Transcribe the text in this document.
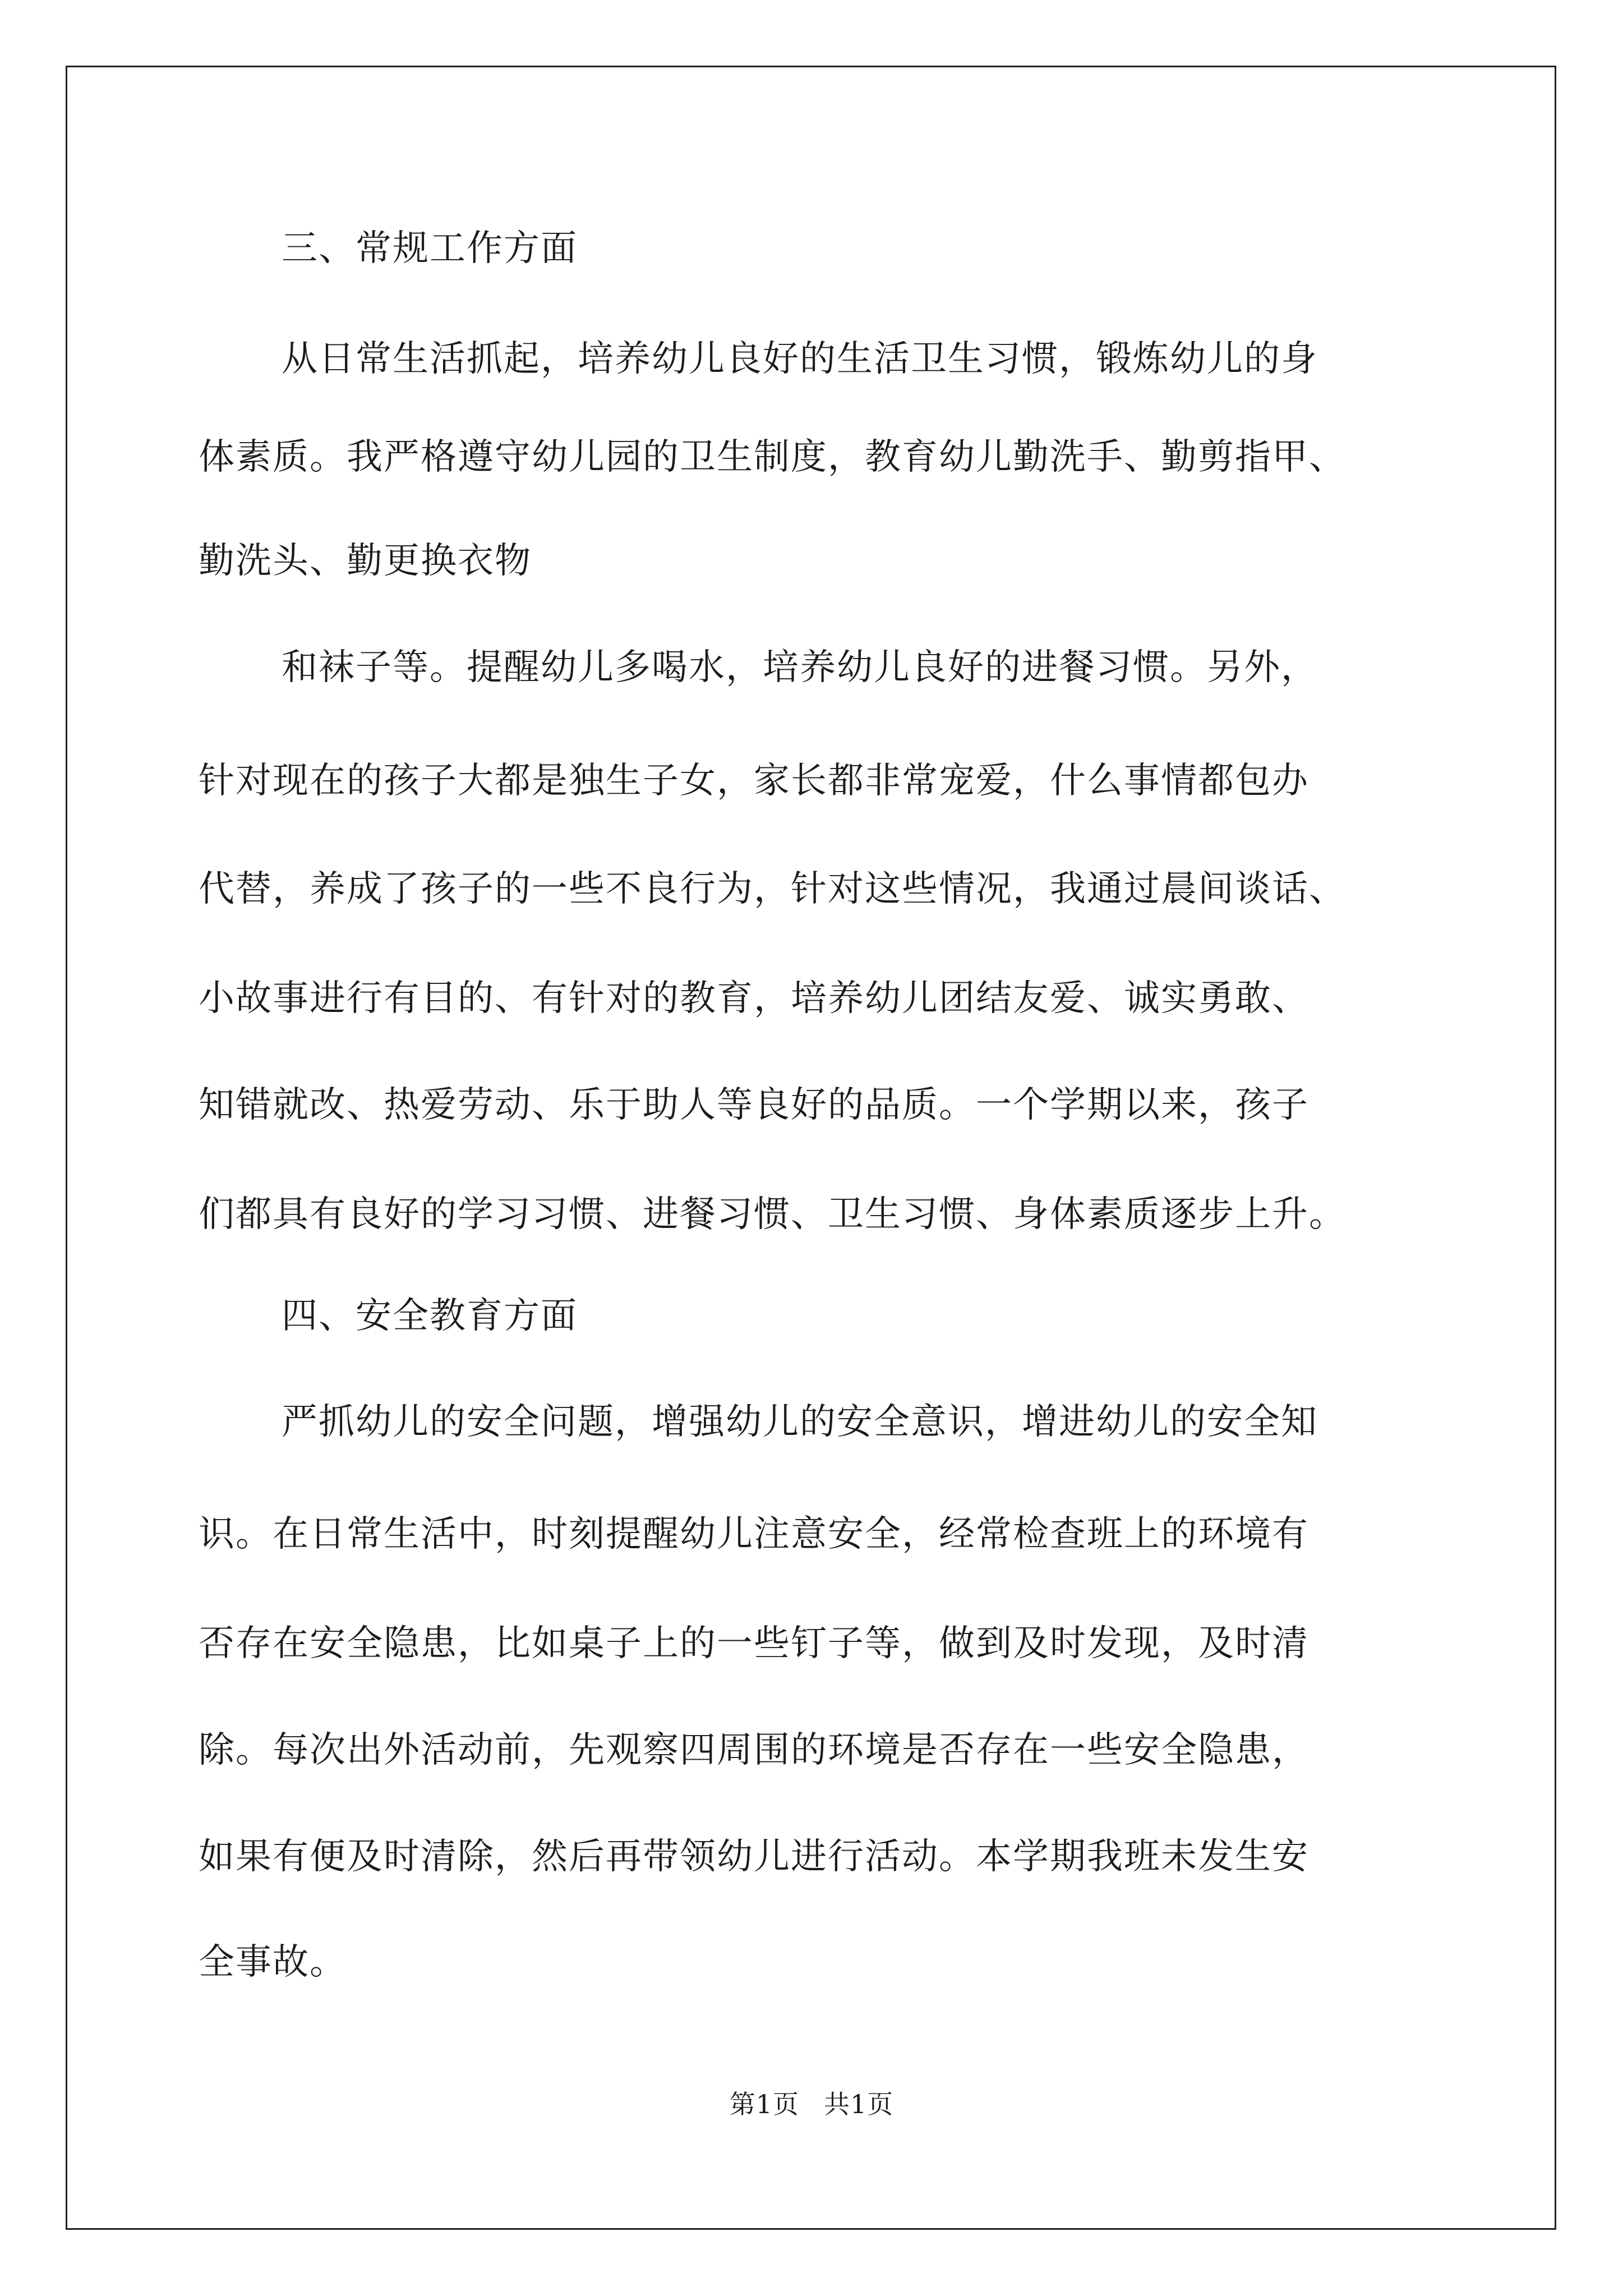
三、常规工作方面
从日常生活抓起，培养幼儿良好的生活卫生习惯，锻炼幼儿的身
体素质。我严格遵守幼儿园的卫生制度，教育幼儿勤洗手、勤剪指甲、
勤洗头、勤更换衣物
和袜子等。提醒幼儿多喝水，培养幼儿良好的进餐习惯。另外，
针对现在的孩子大都是独生子女，家长都非常宠爱，什么事情都包办
代替，养成了孩子的一些不良行为，针对这些情况，我通过晨间谈话、
小故事进行有目的、有针对的教育，培养幼儿团结友爱、诚实勇敢、
知错就改、热爱劳动、乐于助人等良好的品质。一个学期以来，孩子
们都具有良好的学习习惯、进餐习惯、卫生习惯、身体素质逐步上升。
四、安全教育方面
严抓幼儿的安全问题，增强幼儿的安全意识，增进幼儿的安全知
识。在日常生活中，时刻提醒幼儿注意安全，经常检查班上的环境有
否存在安全隐患，比如桌子上的一些钉子等，做到及时发现，及时清
除。每次出外活动前，先观察四周围的环境是否存在一些安全隐患，
如果有便及时清除，然后再带领幼儿进行活动。本学期我班未发生安
全事故。
第1页 共1页
